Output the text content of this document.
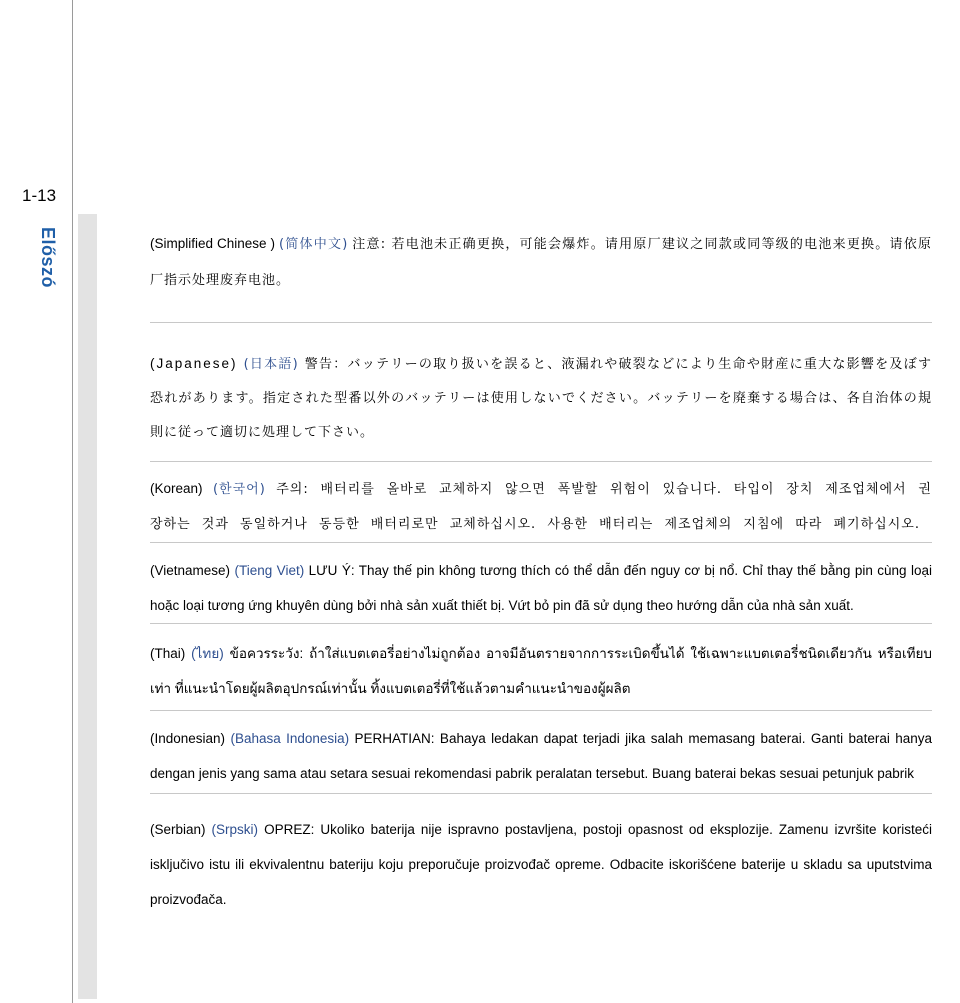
1-13
Előszó	(Simplified Chinese ) (简体中文) 注意: 若电池未正确更换，可能会爆炸。请用原厂建议之同款或同等级的电池来更换。请依原厂指示处理废弃电池。

(Japanese) (日本語) 警告：バッテリーの取り扱いを誤ると、液漏れや破裂などにより生命や財産に重大な影響を及ぼす恐れがあります。指定された型番以外のバッテリーは使用しないでください。バッテリーを廃棄する場合は、各自治体の規則に従って適切に処理して下さい。

(Korean) (한국어) 주의: 배터리를 올바로 교체하지 않으면 폭발할 위험이 있습니다. 타입이 장치 제조업체에서 권장하는 것과 동일하거나 동등한 배터리로만 교체하십시오. 사용한 배터리는 제조업체의 지침에 따라 폐기하십시오.

(Vietnamese) (Tieng Viet) LƯU Ý: Thay thế pin không tương thích có thể dẫn đến nguy cơ bị nổ. Chỉ thay thế bằng pin cùng loại hoặc loại tương ứng khuyên dùng bởi nhà sản xuất thiết bị. Vứt bỏ pin đã sử dụng theo hướng dẫn của nhà sản xuất.

(Thai) (ไทย) ข้อควรระวัง: ถ้าใส่แบตเตอรี่อย่างไม่ถูกต้อง อาจมีอันตรายจากการระเบิดขึ้นได้ ใช้เฉพาะแบตเตอรี่ชนิดเดียวกัน หรือเทียบเท่า ที่แนะนำโดยผู้ผลิตอุปกรณ์เท่านั้น ทิ้งแบตเตอรี่ที่ใช้แล้วตามคำแนะนำของผู้ผลิต

(Indonesian) (Bahasa Indonesia) PERHATIAN: Bahaya ledakan dapat terjadi jika salah memasang baterai. Ganti baterai hanya dengan jenis yang sama atau setara sesuai rekomendasi pabrik peralatan tersebut. Buang baterai bekas sesuai petunjuk pabrik

(Serbian) (Srpski) OPREZ: Ukoliko baterija nije ispravno postavljena, postoji opasnost od eksplozije. Zamenu izvršite koristeći isključivo istu ili ekvivalentnu bateriju koju preporučuje proizvođač opreme. Odbacite iskorišćene baterije u skladu sa uputstvima proizvođača.
